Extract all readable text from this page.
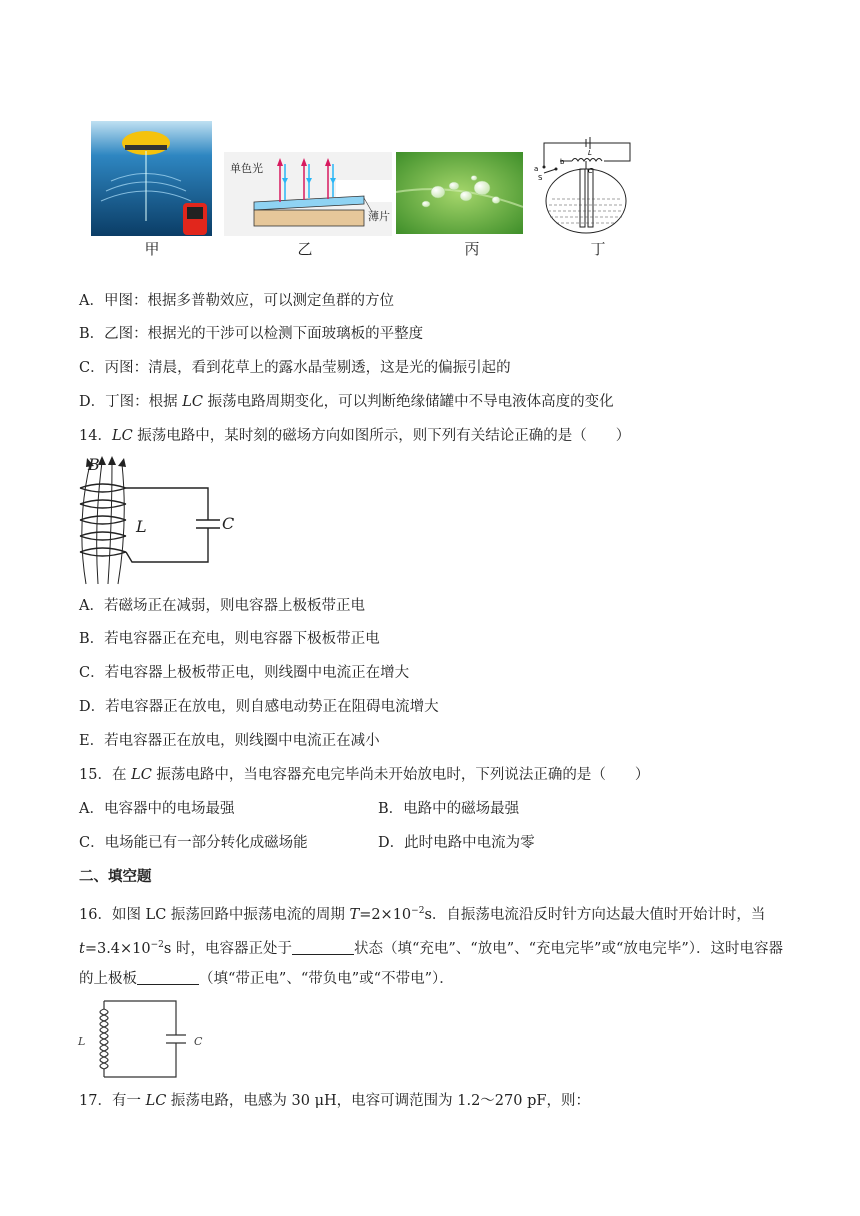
甲
单色光
薄片
乙	丙
a
b
S
L
C
丁
A．甲图：根据多普勒效应，可以测定鱼群的方位
B．乙图：根据光的干涉可以检测下面玻璃板的平整度
C．丙图：清晨，看到花草上的露水晶莹剔透，这是光的偏振引起的
D．丁图：根据 LC 振荡电路周期变化，可以判断绝缘储罐中不导电液体高度的变化
14．LC 振荡电路中，某时刻的磁场方向如图所示，则下列有关结论正确的是（　　）
B
L	C
A．若磁场正在减弱，则电容器上极板带正电
B．若电容器正在充电，则电容器下极板带正电
C．若电容器上极板带正电，则线圈中电流正在增大
D．若电容器正在放电，则自感电动势正在阻碍电流增大
E．若电容器正在放电，则线圈中电流正在减小
15．在 LC 振荡电路中，当电容器充电完毕尚未开始放电时，下列说法正确的是（　　）
A．电容器中的电场最强	B．电路中的磁场最强
C．电场能已有一部分转化成磁场能	D．此时电路中电流为零
二、填空题
16．如图 LC 振荡回路中振荡电流的周期 $T=2\times 10^{-2}s$．自振荡电流沿反时针方向达最大值时开始计时，当
$t=3.4\times 10^{-2}s$ 时，电容器正处于	状态（填“充电”、“放电”、“充电完毕”或“放电完毕”）．这时电容器
的上极板	（填“带正电”、“带负电”或“不带电”）．
L	C
17．有一 LC 振荡电路，电感为 30 μH，电容可调范围为 1.2～270 pF，则：
